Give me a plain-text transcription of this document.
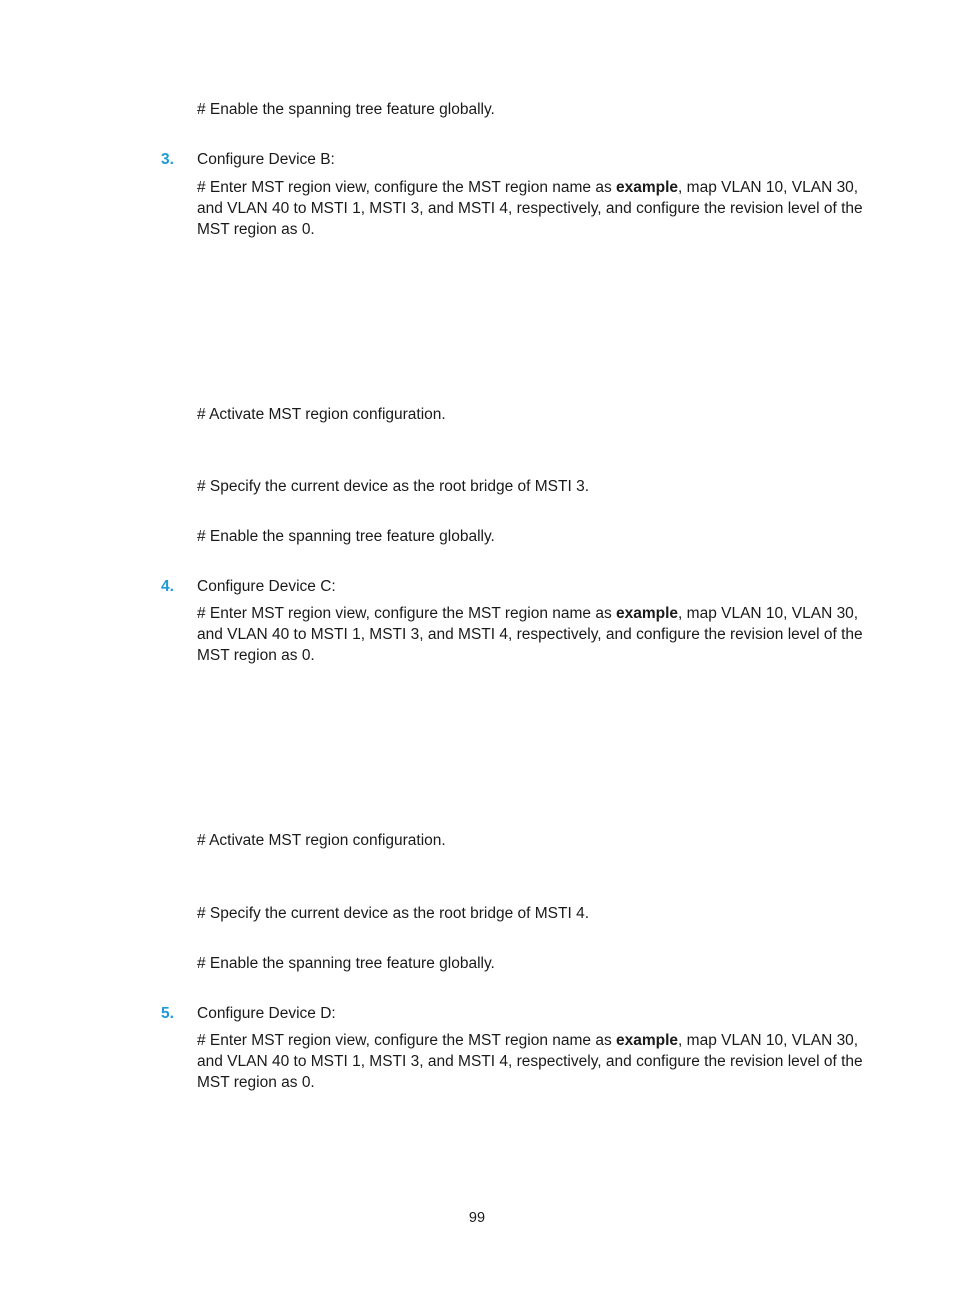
# Enable the spanning tree feature globally.
3. Configure Device B:
# Enter MST region view, configure the MST region name as example, map VLAN 10, VLAN 30, and VLAN 40 to MSTI 1, MSTI 3, and MSTI 4, respectively, and configure the revision level of the MST region as 0.
# Activate MST region configuration.
# Specify the current device as the root bridge of MSTI 3.
# Enable the spanning tree feature globally.
4. Configure Device C:
# Enter MST region view, configure the MST region name as example, map VLAN 10, VLAN 30, and VLAN 40 to MSTI 1, MSTI 3, and MSTI 4, respectively, and configure the revision level of the MST region as 0.
# Activate MST region configuration.
# Specify the current device as the root bridge of MSTI 4.
# Enable the spanning tree feature globally.
5. Configure Device D:
# Enter MST region view, configure the MST region name as example, map VLAN 10, VLAN 30, and VLAN 40 to MSTI 1, MSTI 3, and MSTI 4, respectively, and configure the revision level of the MST region as 0.
99
